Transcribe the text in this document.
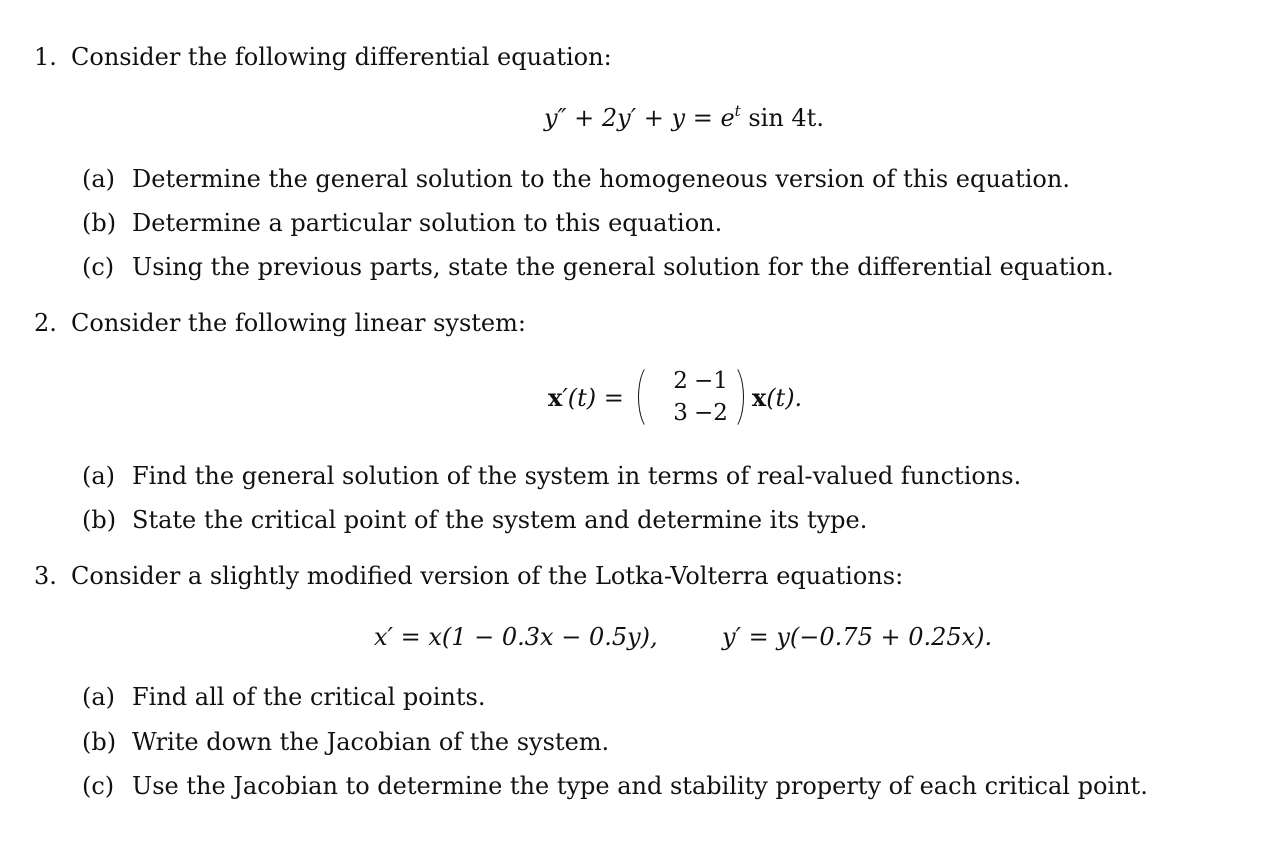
1. Consider the following differential equation:
$y'' + 2y' + y = e^t$ sin 4t.
(a) Determine the general solution to the homogeneous version of this equation.
(b) Determine a particular solution to this equation.
(c) Using the previous parts, state the general solution for the differential equation.
2. Consider the following linear system:
x′(t) =
2 −1
3 −2
x(t).
(a) Find the general solution of the system in terms of real-valued functions.
(b) State the critical point of the system and determine its type.
3. Consider a slightly modified version of the Lotka-Volterra equations:
x′ = x(1 − 0.3x − 0.5y),	y′ = y(−0.75 + 0.25x).
(a) Find all of the critical points.
(b) Write down the Jacobian of the system.
(c) Use the Jacobian to determine the type and stability property of each critical point.
